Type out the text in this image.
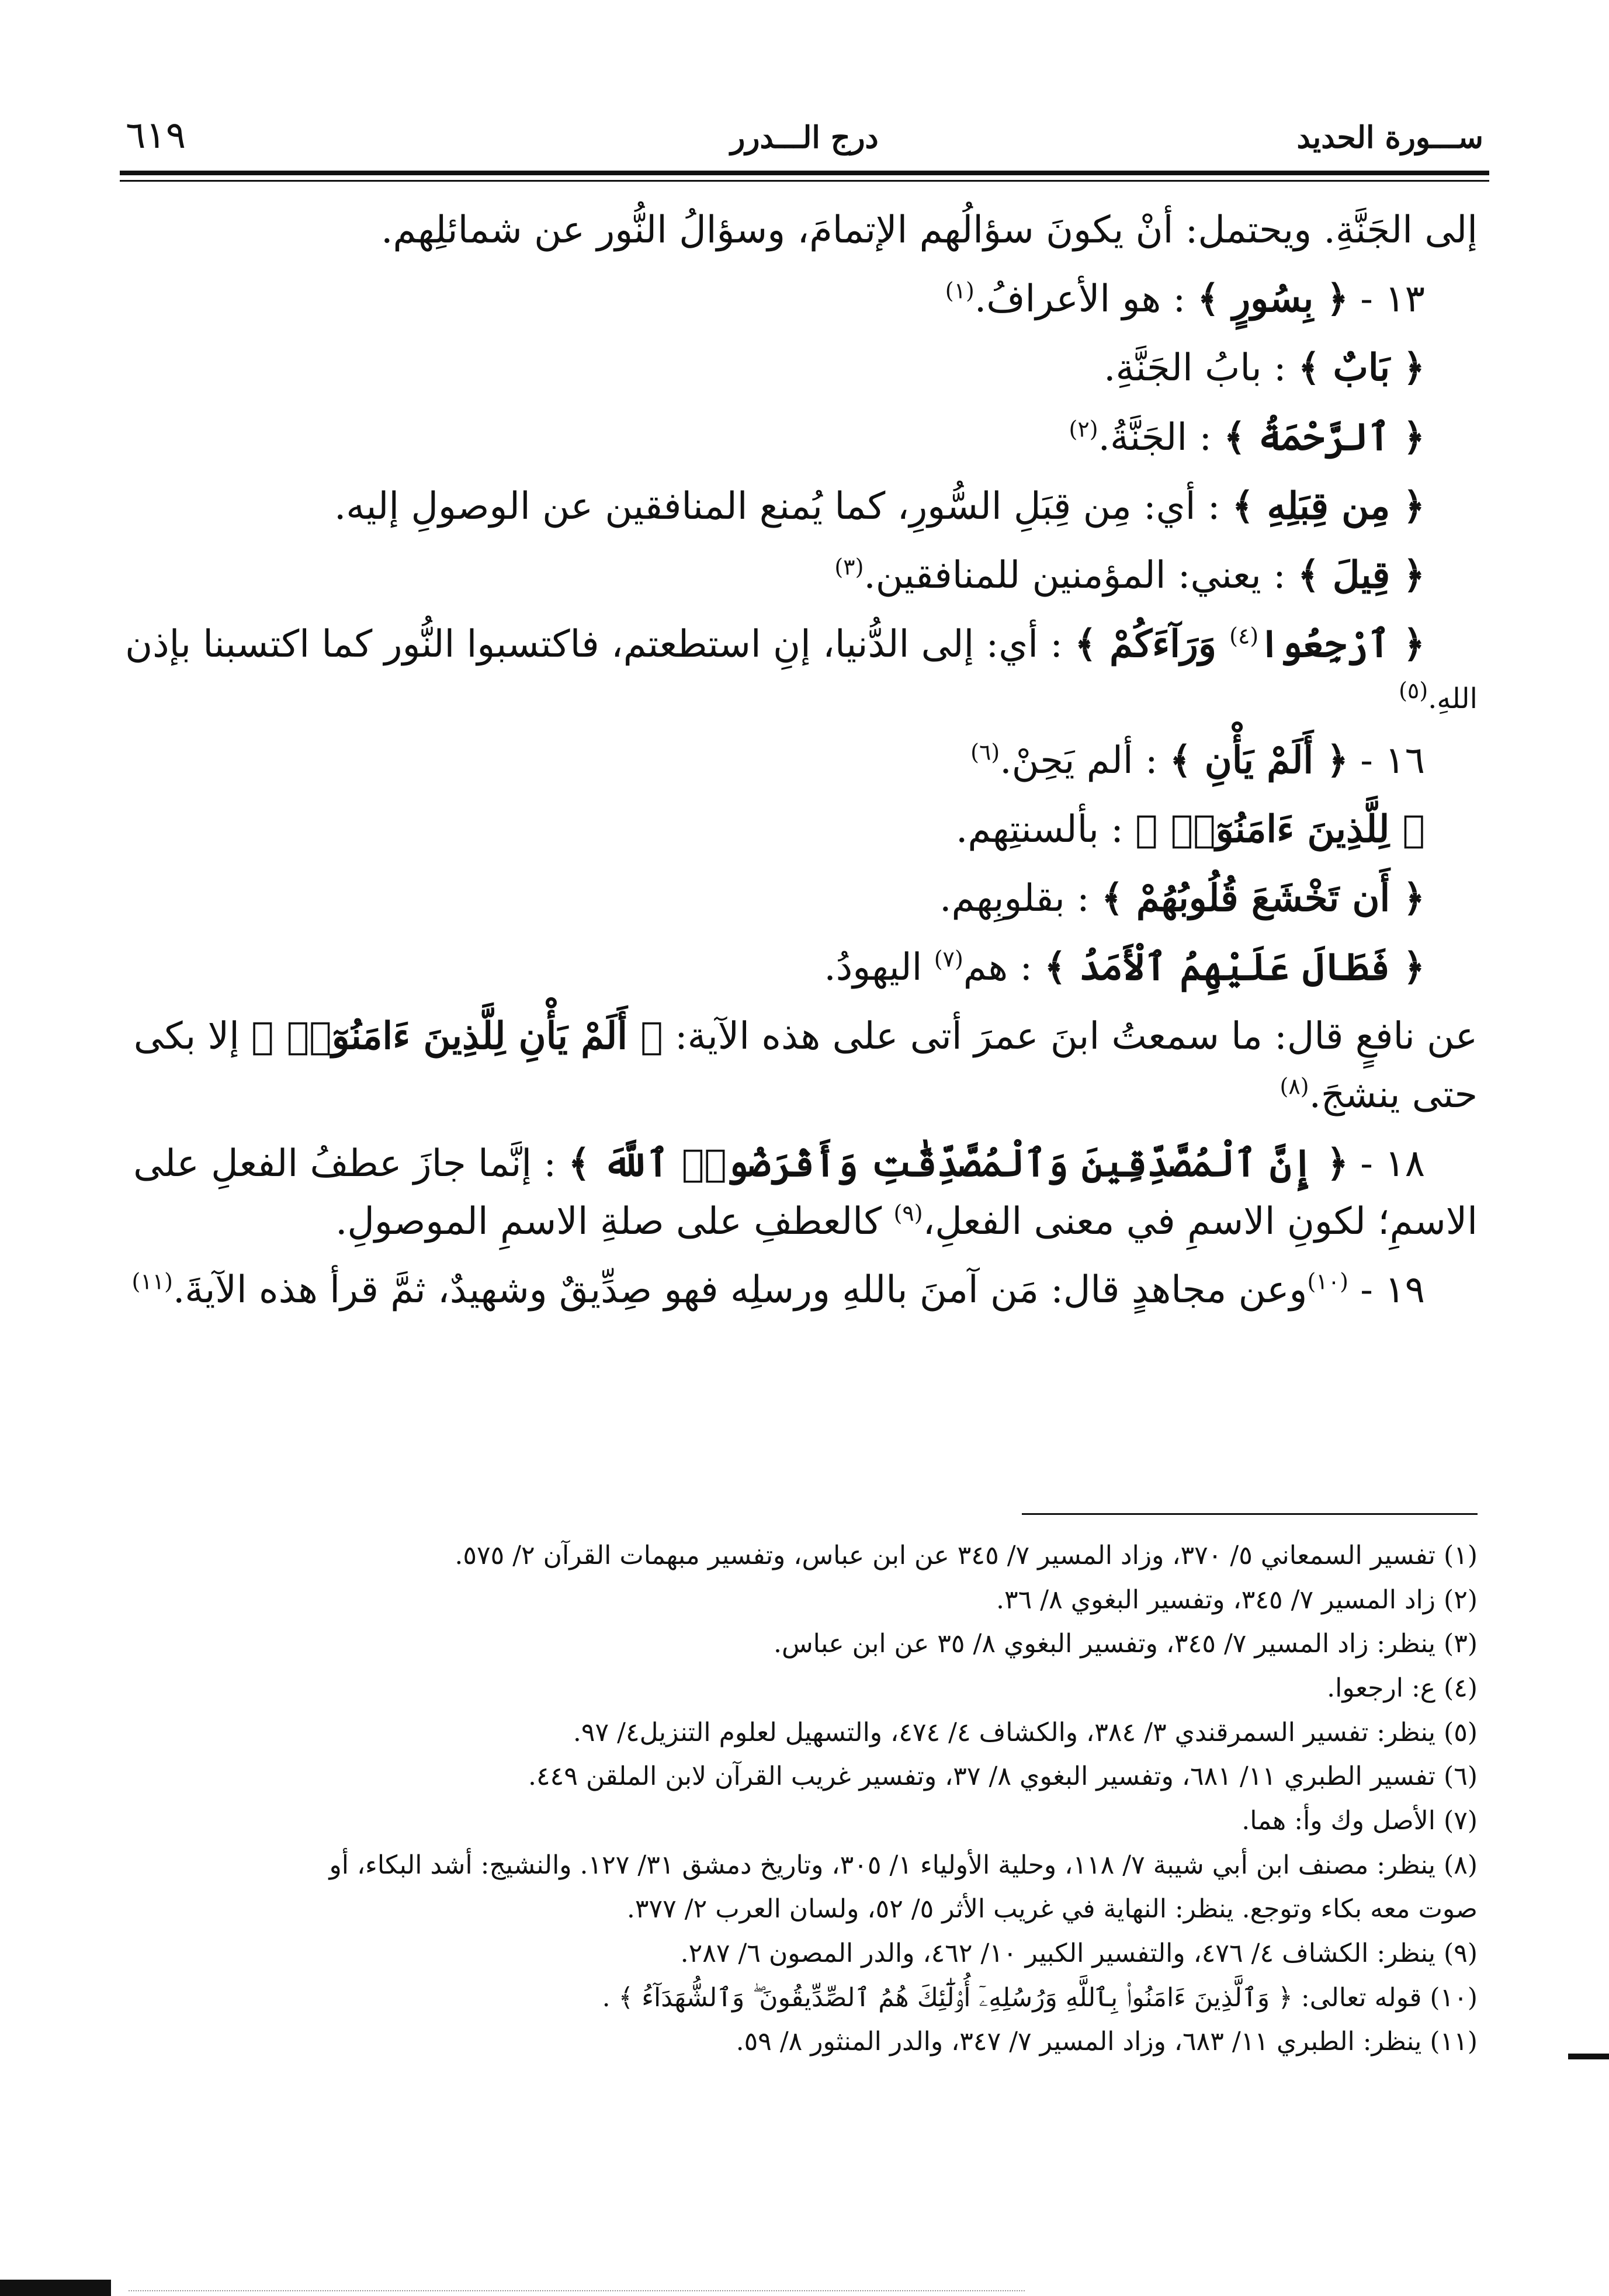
ســـورة الحديد
درج الـــدرر
٦١٩

إلى الجَنَّةِ. ويحتمل: أنْ يكونَ سؤالُهم الإتمامَ، وسؤالُ النُّور عن شمائلِهم.

١٣ - ﴿ بِسُورٍ ﴾ : هو الأعرافُ.$^{(١)}$

﴿ بَابٌ ﴾ : بابُ الجَنَّةِ.

﴿ ٱلرَّحْمَةُ ﴾ : الجَنَّةُ.$^{(٢)}$

﴿ مِن قِبَلِهِ ﴾ : أي: مِن قِبَلِ السُّورِ، كما يُمنع المنافقين عن الوصولِ إليه.

﴿ قِيلَ ﴾ : يعني: المؤمنين للمنافقين.$^{(٣)}$

﴿ ٱرْجِعُوا$^{(٤)}$ وَرَآءَكُمْ ﴾ : أي: إلى الدُّنيا، إنِ استطعتم، فاكتسبوا النُّور كما اكتسبنا بإذن

اللهِ.$^{(٥)}$

١٦ - ﴿ أَلَمْ يَأْنِ ﴾ : ألم يَحِنْ.$^{(٦)}$

﴿ لِلَّذِينَ ءَامَنُوٓا۟ ﴾ : بألسنتِهم.

﴿ أَن تَخْشَعَ قُلُوبُهُمْ ﴾ : بقلوبِهم.

﴿ فَطَالَ عَلَيْهِمُ ٱلْأَمَدُ ﴾ : هم$^{(٧)}$ اليهودُ.

عن نافعٍ قال: ما سمعتُ ابنَ عمرَ أتى على هذه الآية: ﴿ أَلَمْ يَأْنِ لِلَّذِينَ ءَامَنُوٓا۟ ﴾ إلا بكى

حتى ينشجَ.$^{(٨)}$

١٨ - ﴿ إِنَّ ٱلْمُصَّدِّقِينَ وَٱلْمُصَّدِّقَٰتِ وَأَقْرَضُوا۟ ٱللَّهَ ﴾ : إنَّما جازَ عطفُ الفعلِ على

الاسمِ؛ لكونِ الاسمِ في معنى الفعلِ،$^{(٩)}$ كالعطفِ على صلةِ الاسمِ الموصولِ.

١٩ - $^{(١٠)}$وعن مجاهدٍ قال: مَن آمنَ باللهِ ورسلِه فهو صِدِّيقٌ وشهيدٌ، ثمَّ قرأ هذه الآيةَ.$^{(١١)}$

(١) تفسير السمعاني ٥/ ٣٧٠، وزاد المسير ٧/ ٣٤٥ عن ابن عباس، وتفسير مبهمات القرآن ٢/ ٥٧٥.

(٢) زاد المسير ٧/ ٣٤٥، وتفسير البغوي ٨/ ٣٦.

(٣) ينظر: زاد المسير ٧/ ٣٤٥، وتفسير البغوي ٨/ ٣٥ عن ابن عباس.

(٤) ع: ارجعوا.

(٥) ينظر: تفسير السمرقندي ٣/ ٣٨٤، والكشاف ٤/ ٤٧٤، والتسهيل لعلوم التنزيل٤/ ٩٧.

(٦) تفسير الطبري ١١/ ٦٨١، وتفسير البغوي ٨/ ٣٧، وتفسير غريب القرآن لابن الملقن ٤٤٩.

(٧) الأصل وك وأ: هما.

(٨) ينظر: مصنف ابن أبي شيبة ٧/ ١١٨، وحلية الأولياء ١/ ٣٠٥، وتاريخ دمشق ٣١/ ١٢٧. والنشيج: أشد البكاء، أو

صوت معه بكاء وتوجع. ينظر: النهاية في غريب الأثر ٥/ ٥٢، ولسان العرب ٢/ ٣٧٧.

(٩) ينظر: الكشاف ٤/ ٤٧٦، والتفسير الكبير ١٠/ ٤٦٢، والدر المصون ٦/ ٢٨٧.

(١٠) قوله تعالى: ﴿ وَٱلَّذِينَ ءَامَنُوا۟ بِٱللَّهِ وَرُسُلِهِۦٓ أُو۟لَٰٓئِكَ هُمُ ٱلصِّدِّيقُونَ ۖ وَٱلشُّهَدَآءُ ﴾ .

(١١) ينظر: الطبري ١١/ ٦٨٣، وزاد المسير ٧/ ٣٤٧، والدر المنثور ٨/ ٥٩.
